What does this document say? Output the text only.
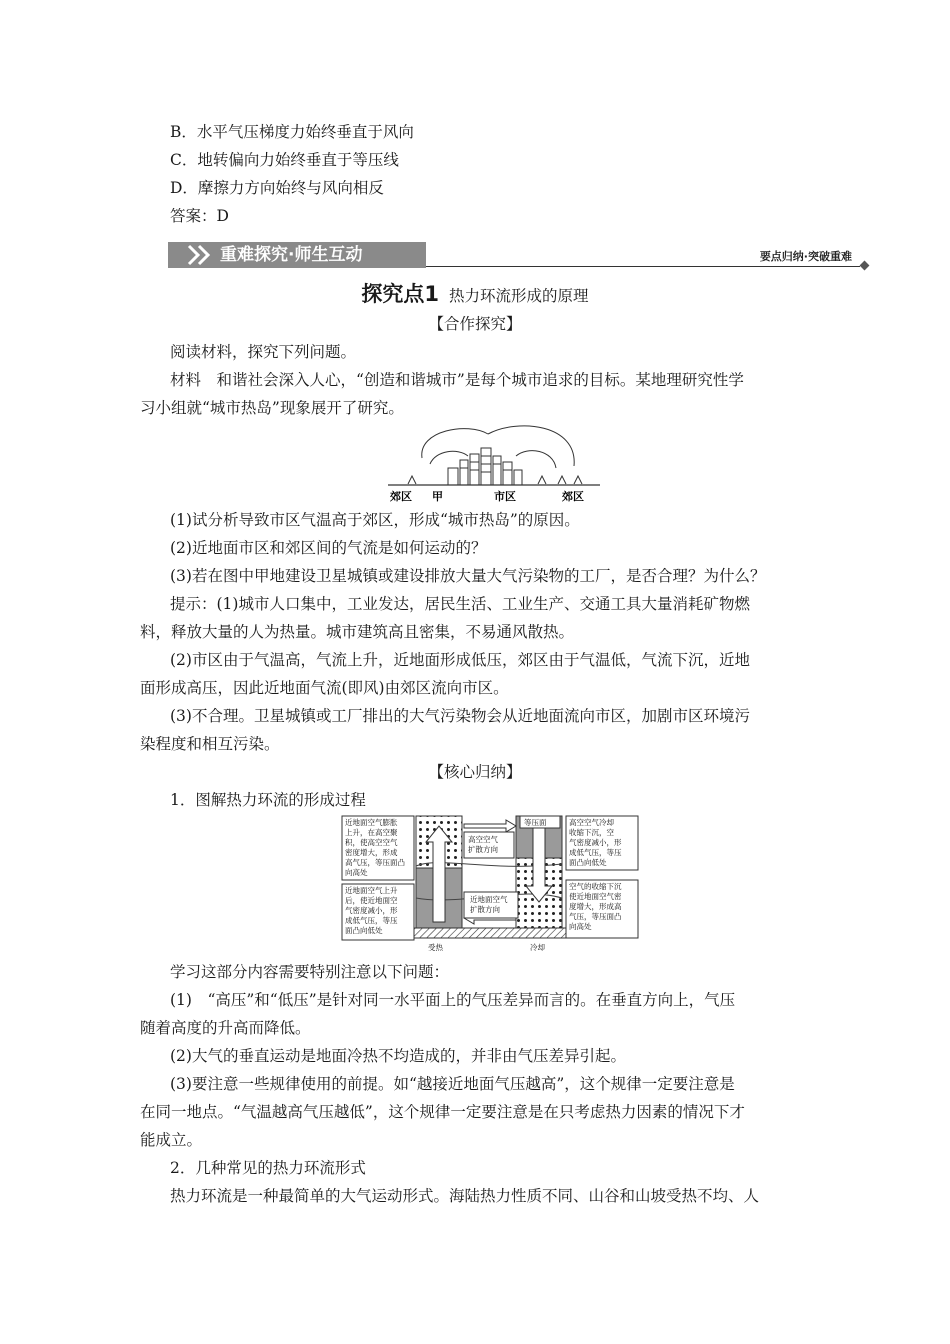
B．水平气压梯度力始终垂直于风向
C．地转偏向力始终垂直于等压线
D．摩擦力方向始终与风向相反
答案：D
重难探究·师生互动	要点归纳·突破重难
探究点1 热力环流形成的原理
【合作探究】
阅读材料，探究下列问题。
材料　和谐社会深入人心，“创造和谐城市”是每个城市追求的目标。某地理研究性学
习小组就“城市热岛”现象展开了研究。
郊区 甲	市区	郊区
(1)试分析导致市区气温高于郊区，形成“城市热岛”的原因。
(2)近地面市区和郊区间的气流是如何运动的？
(3)若在图中甲地建设卫星城镇或建设排放大量大气污染物的工厂，是否合理？为什么？
提示：(1)城市人口集中，工业发达，居民生活、工业生产、交通工具大量消耗矿物燃
料，释放大量的人为热量。城市建筑高且密集，不易通风散热。
(2)市区由于气温高，气流上升，近地面形成低压，郊区由于气温低，气流下沉，近地
面形成高压，因此近地面气流(即风)由郊区流向市区。
(3)不合理。卫星城镇或工厂排出的大气污染物会从近地面流向市区，加剧市区环境污
染程度和相互污染。
【核心归纳】
1．图解热力环流的形成过程
近地面空气膨胀
上升，在高空聚
积，使高空空气
密度增大，形成
高气压，等压面凸
向高处
高空空气
扩散方向
等压面	高空空气冷却
收缩下沉，空
气密度减小，形
成低气压，等压
面凸向低处
近地面空气上升
后，使近地面空
气密度减小，形
成低气压，等压
面凸向低处
近地面空气
扩散方向
空气的收缩下沉
使近地面空气密
度增大，形成高
气压，等压面凸
向高处
受热	冷却
学习这部分内容需要特别注意以下问题：
(1)　“高压”和“低压”是针对同一水平面上的气压差异而言的。在垂直方向上，气压
随着高度的升高而降低。
(2)大气的垂直运动是地面冷热不均造成的，并非由气压差异引起。
(3)要注意一些规律使用的前提。如“越接近地面气压越高”，这个规律一定要注意是
在同一地点。“气温越高气压越低”，这个规律一定要注意是在只考虑热力因素的情况下才
能成立。
2．几种常见的热力环流形式
热力环流是一种最简单的大气运动形式。海陆热力性质不同、山谷和山坡受热不均、人
